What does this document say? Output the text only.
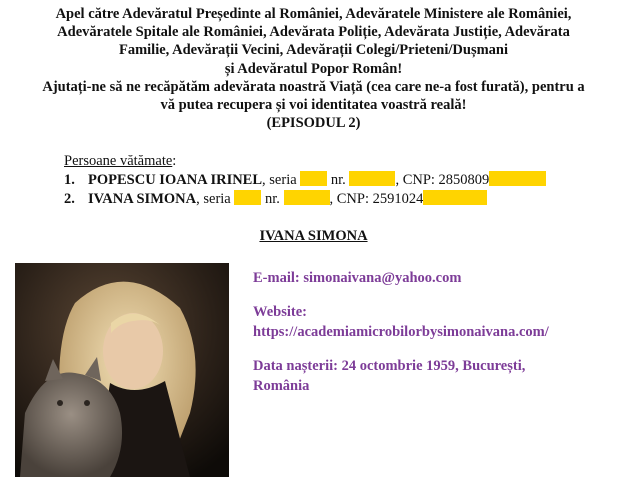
Apel către Adevăratul Președinte al României, Adevăratele Ministere ale României,
Adevăratele Spitale ale României, Adevărata Poliție, Adevărata Justiție, Adevărata
Familie, Adevărații Vecini, Adevărații Colegi/Prieteni/Dușmani
și Adevăratul Popor Român!
Ajutați-ne să ne recăpătăm adevărata noastră Viață (cea care ne-a fost furată), pentru a
vă putea recupera și voi identitatea voastră reală!
(EPISODUL 2)
Persoane vătămate:
1. POPESCU IOANA IRINEL, seria nr.	, CNP: 2850809
2. IVANA SIMONA, seria nr.	, CNP: 2591024
IVANA SIMONA

E-mail: simonaivana@yahoo.com

Website:
https://academiamicrobilorbysimonaivana.com/

Data nașterii: 24 octombrie 1959, București,
România
